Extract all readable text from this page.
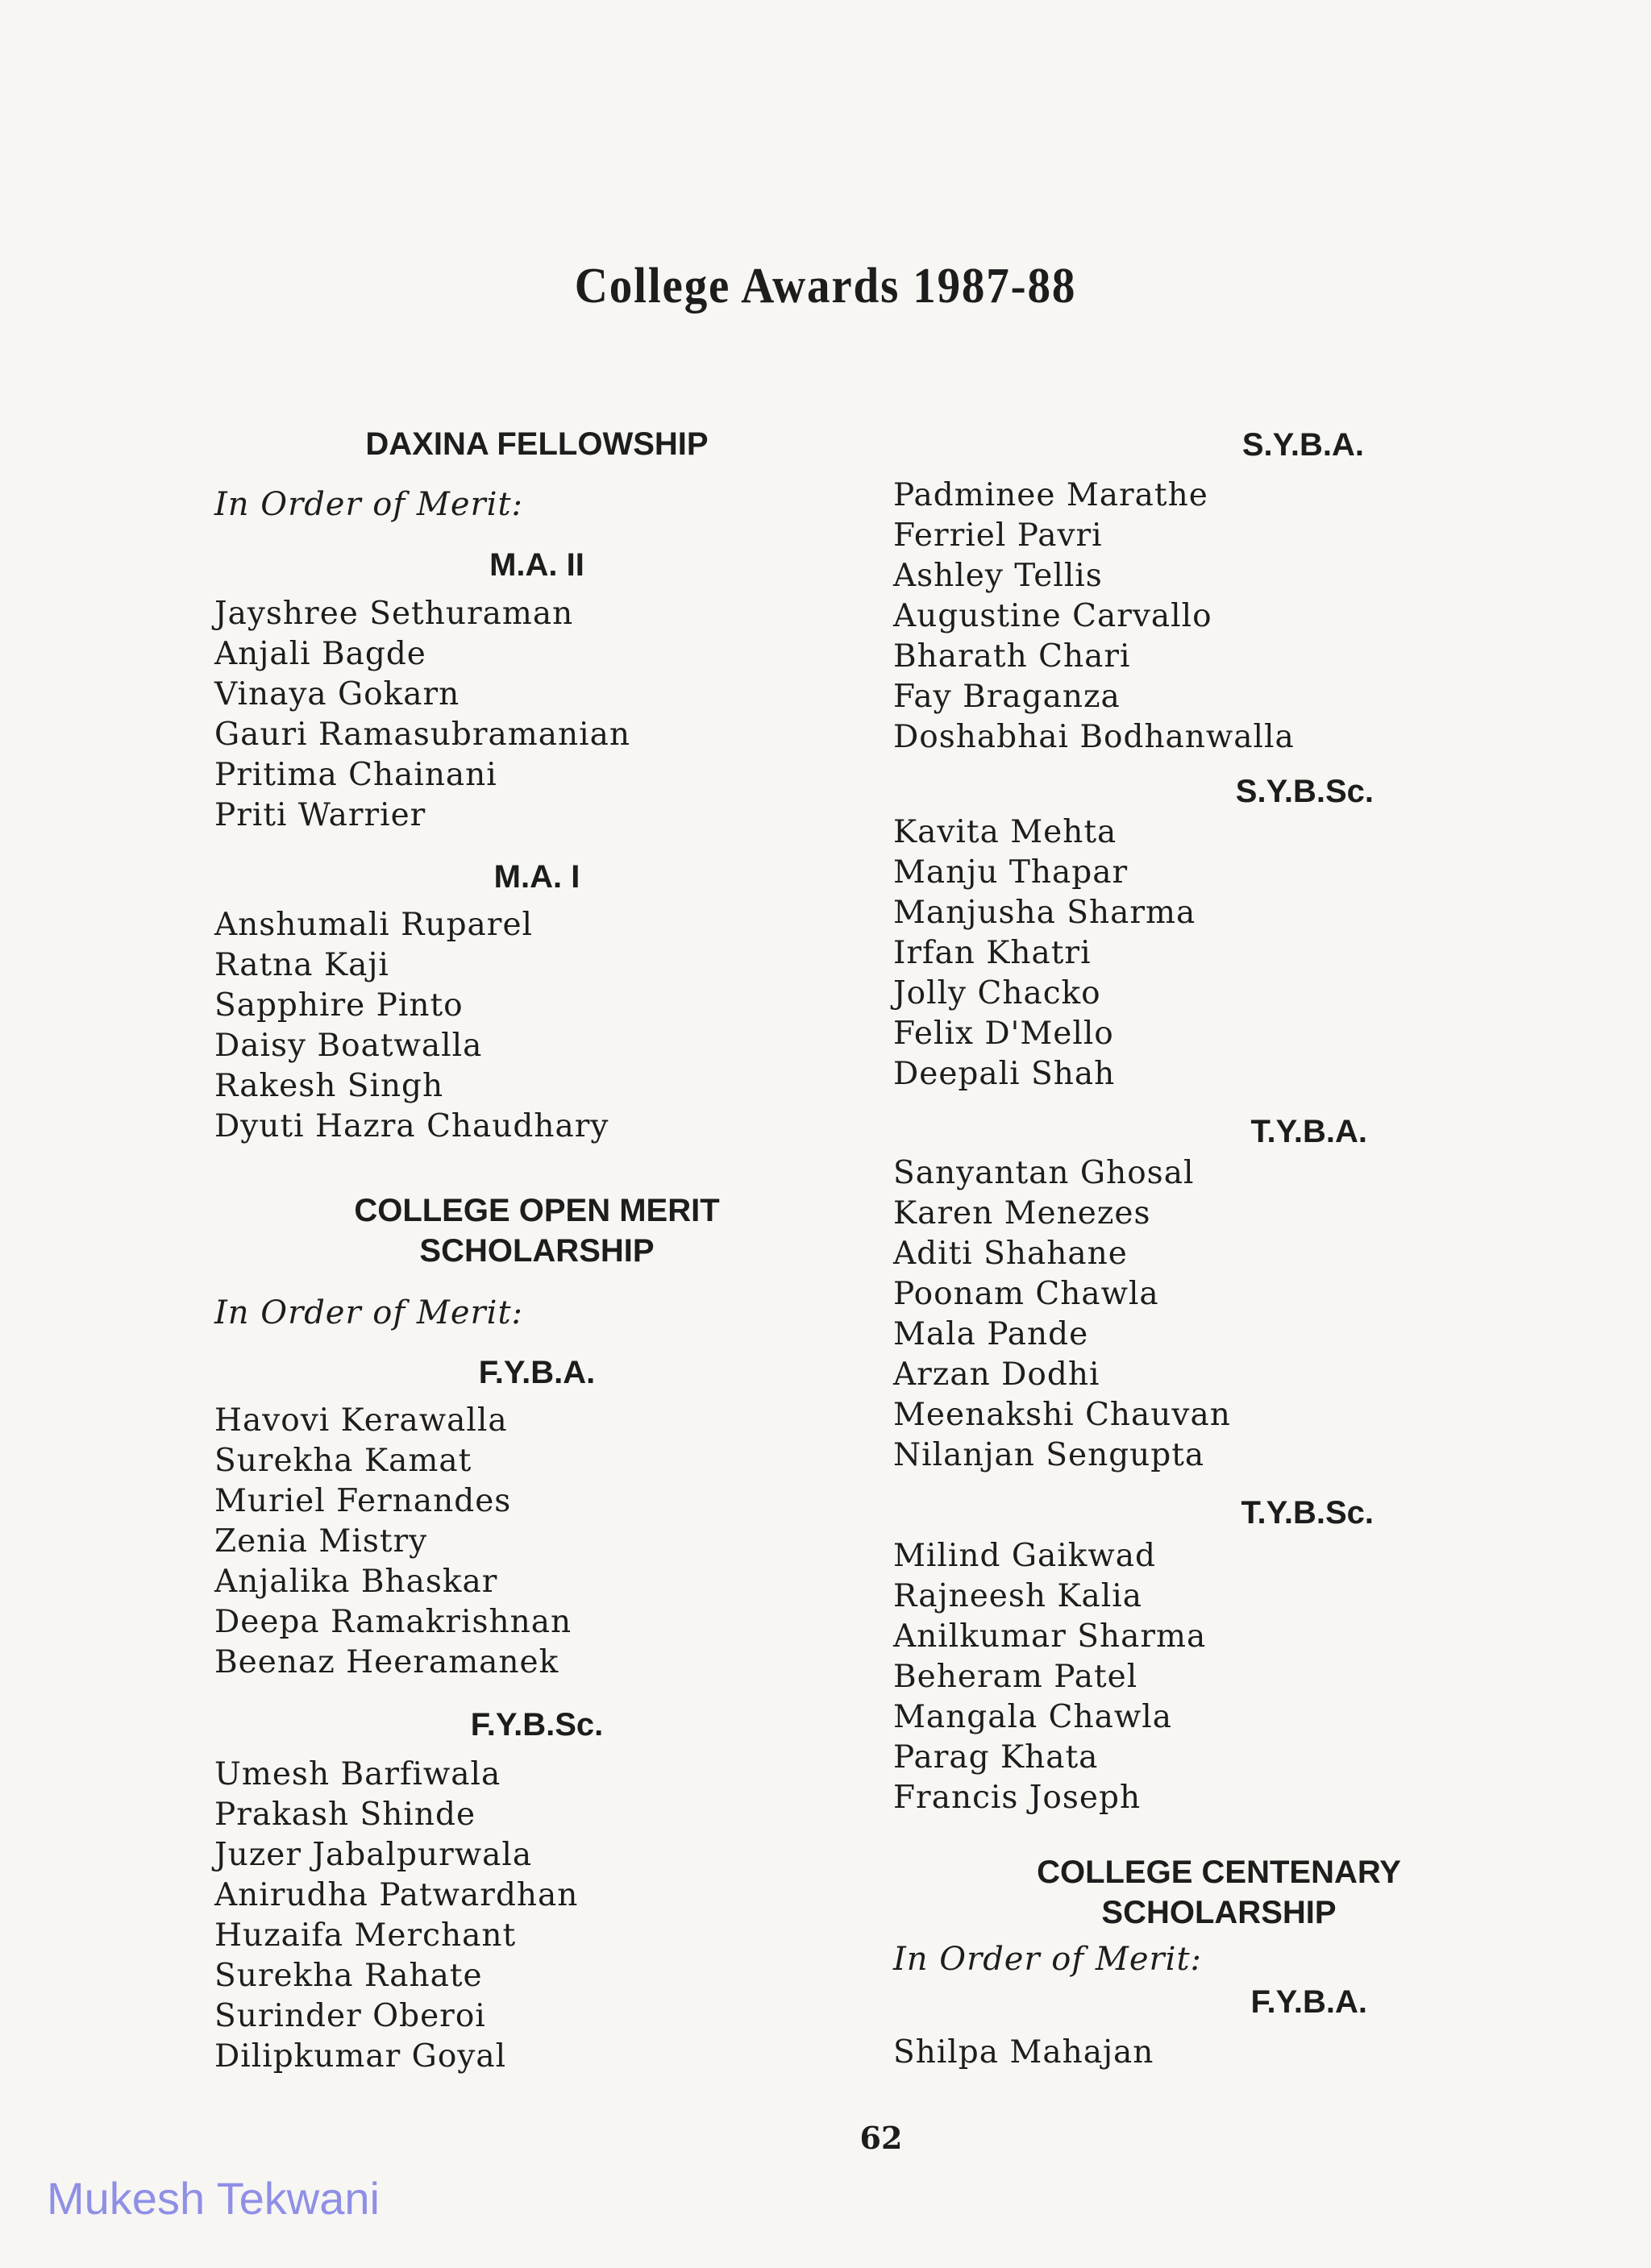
College Awards 1987-88
DAXINA FELLOWSHIP
In Order of Merit:
M.A. II
Jayshree Sethuraman
Anjali Bagde
Vinaya Gokarn
Gauri Ramasubramanian
Pritima Chainani
Priti Warrier
M.A. I
Anshumali Ruparel
Ratna Kaji
Sapphire Pinto
Daisy Boatwalla
Rakesh Singh
Dyuti Hazra Chaudhary
COLLEGE OPEN MERIT
SCHOLARSHIP
In Order of Merit:
F.Y.B.A.
Havovi Kerawalla
Surekha Kamat
Muriel Fernandes
Zenia Mistry
Anjalika Bhaskar
Deepa Ramakrishnan
Beenaz Heeramanek
F.Y.B.Sc.
Umesh Barfiwala
Prakash Shinde
Juzer Jabalpurwala
Anirudha Patwardhan
Huzaifa Merchant
Surekha Rahate
Surinder Oberoi
Dilipkumar Goyal
S.Y.B.A.
Padminee Marathe
Ferriel Pavri
Ashley Tellis
Augustine Carvallo
Bharath Chari
Fay Braganza
Doshabhai Bodhanwalla
S.Y.B.Sc.
Kavita Mehta
Manju Thapar
Manjusha Sharma
Irfan Khatri
Jolly Chacko
Felix D'Mello
Deepali Shah
T.Y.B.A.
Sanyantan Ghosal
Karen Menezes
Aditi Shahane
Poonam Chawla
Mala Pande
Arzan Dodhi
Meenakshi Chauvan
Nilanjan Sengupta
T.Y.B.Sc.
Milind Gaikwad
Rajneesh Kalia
Anilkumar Sharma
Beheram Patel
Mangala Chawla
Parag Khata
Francis Joseph
COLLEGE CENTENARY
SCHOLARSHIP
In Order of Merit:
F.Y.B.A.
Shilpa Mahajan
62
Mukesh Tekwani
